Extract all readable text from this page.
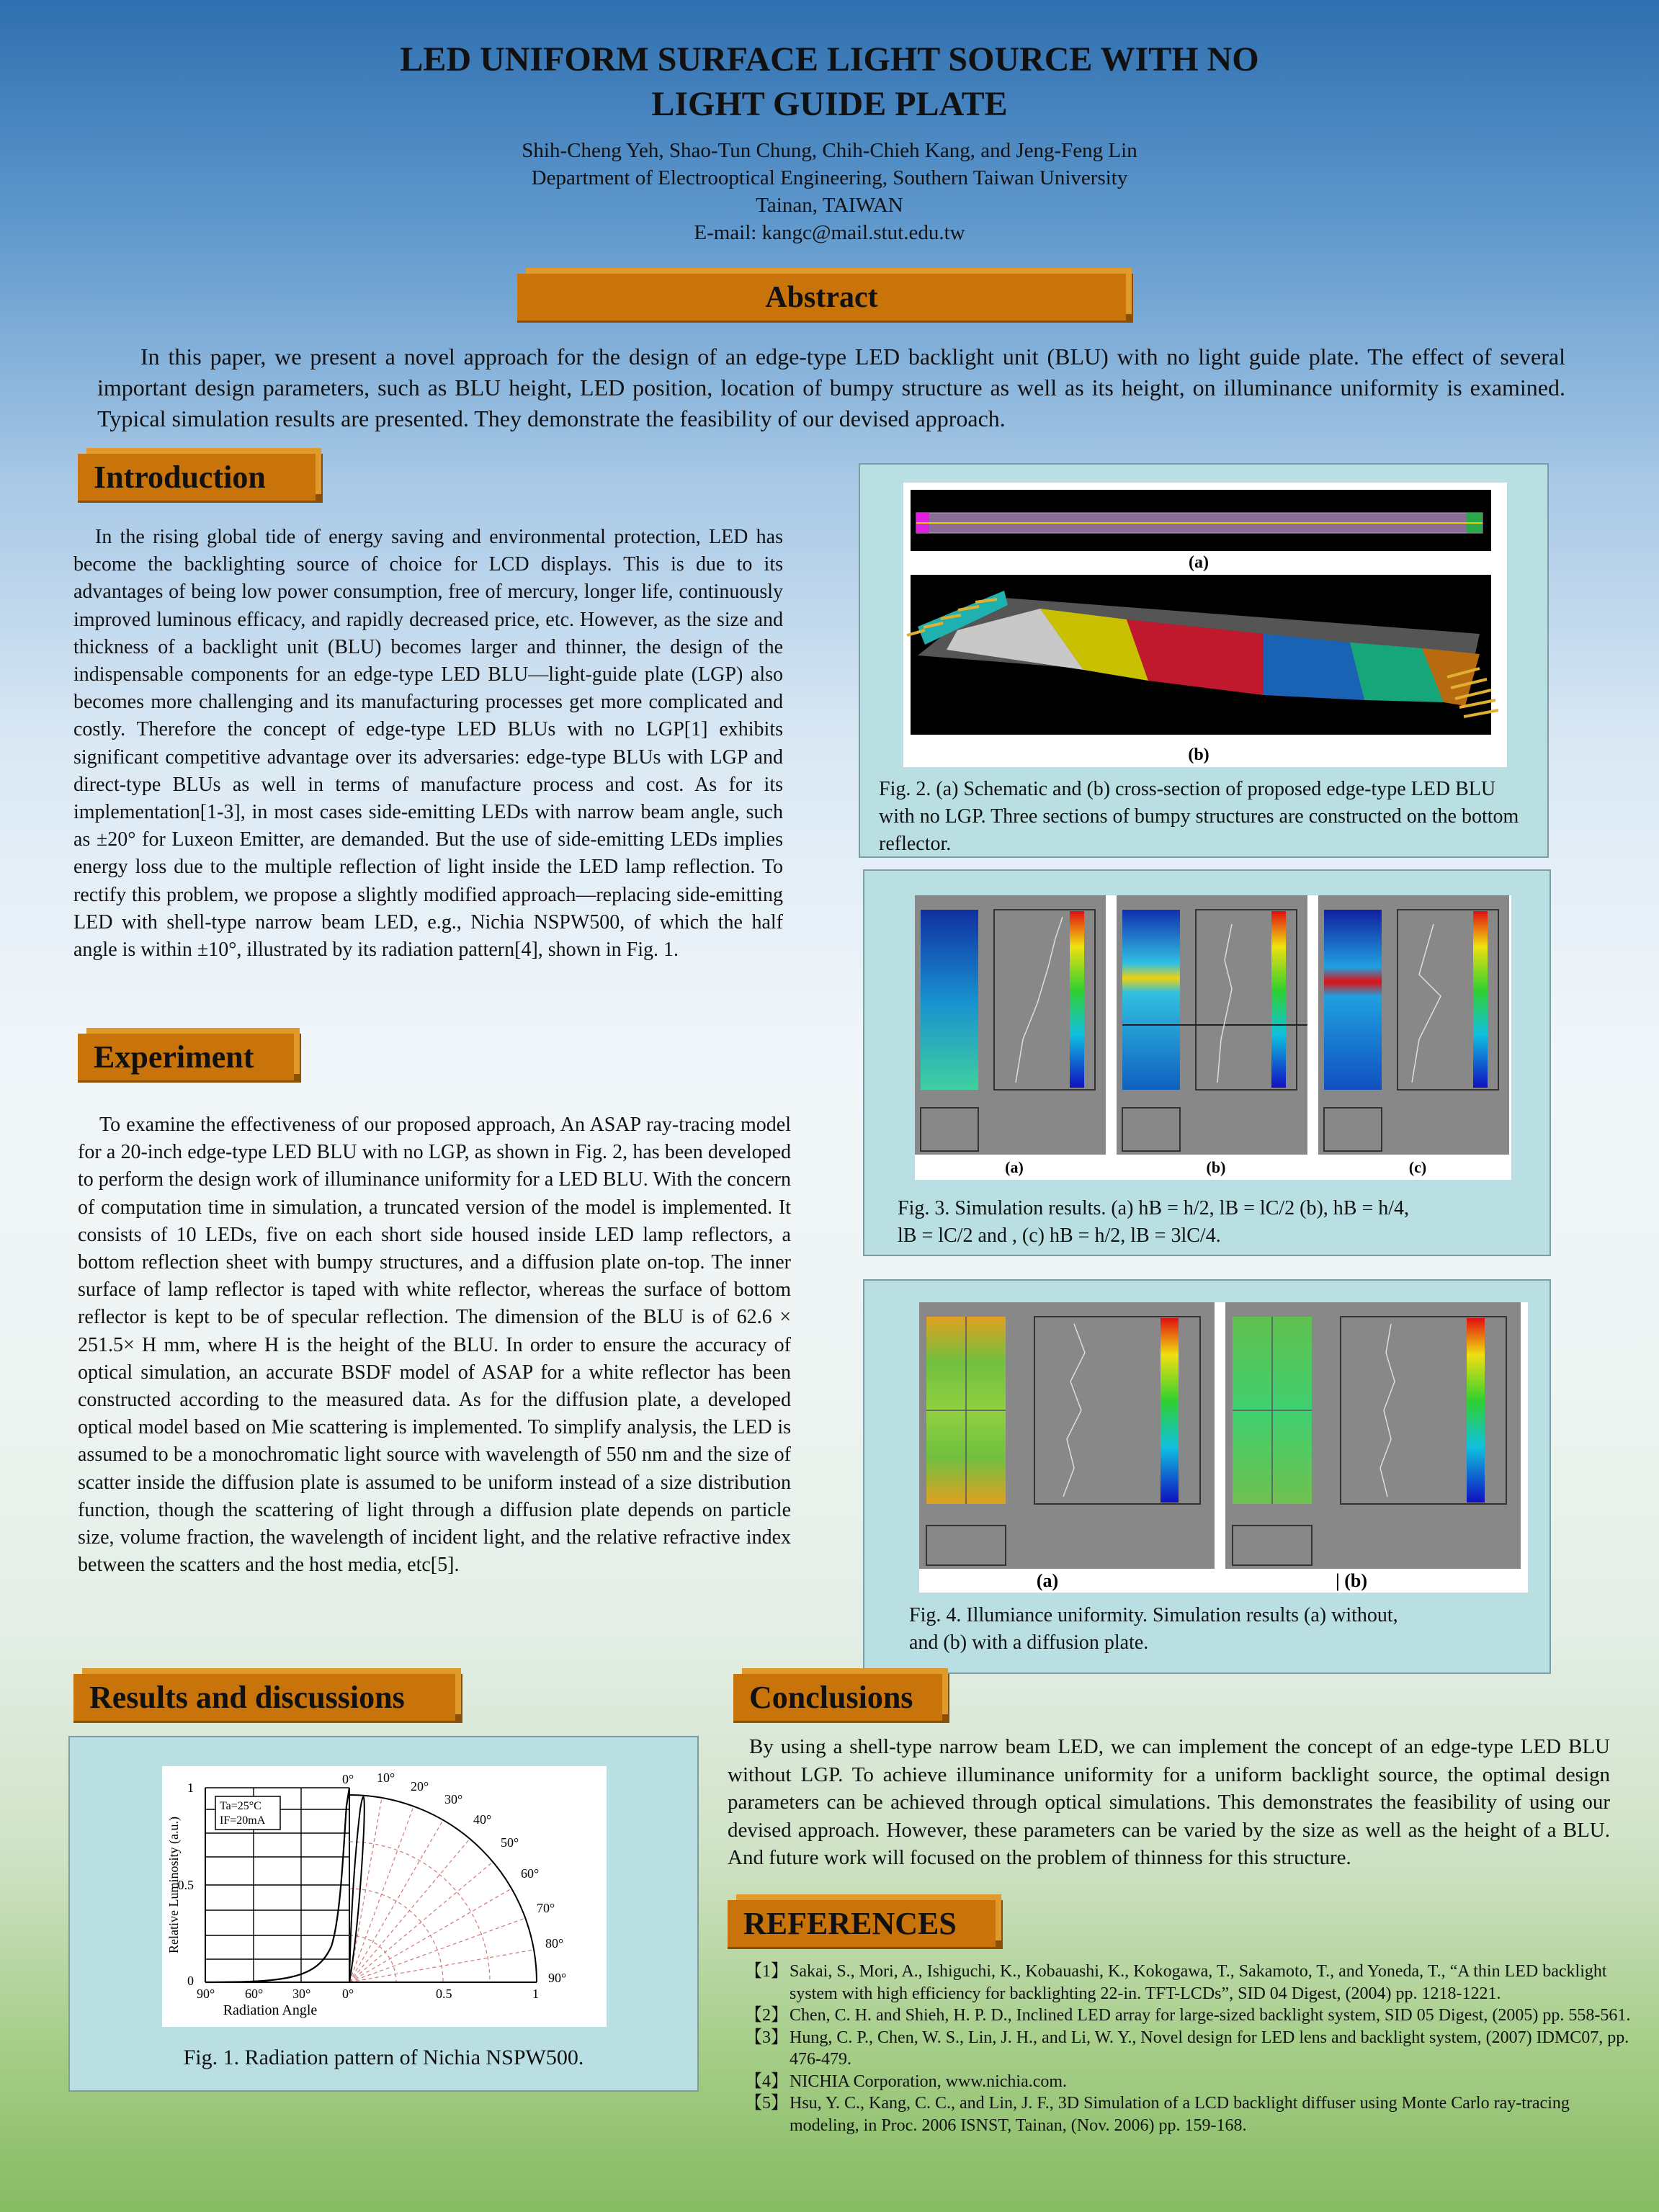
LED UNIFORM SURFACE LIGHT SOURCE WITH NO
LIGHT GUIDE PLATE
Shih-Cheng Yeh, Shao-Tun Chung, Chih-Chieh Kang, and Jeng-Feng Lin
Department of Electrooptical Engineering, Southern Taiwan University
Tainan, TAIWAN
E-mail: kangc@mail.stut.edu.tw
Abstract

In this paper, we present a novel approach for the design of an edge-type LED backlight unit (BLU) with no light guide plate. The effect of several important design parameters, such as BLU height, LED position, location of bumpy structure as well as its height, on illuminance uniformity is examined. Typical simulation results are presented. They demonstrate the feasibility of our devised approach.

Introduction

In the rising global tide of energy saving and environmental protection, LED has become the backlighting source of choice for LCD displays. This is due to its advantages of being low power consumption, free of mercury, longer life, continuously improved luminous efficacy, and rapidly decreased price, etc. However, as the size and thickness of a backlight unit (BLU) becomes larger and thinner, the design of the indispensable components for an edge-type LED BLU—light-guide plate (LGP) also becomes more challenging and its manufacturing processes get more complicated and costly. Therefore the concept of edge-type LED BLUs with no LGP[1] exhibits significant competitive advantage over its adversaries: edge-type BLUs with LGP and direct-type BLUs as well in terms of manufacture process and cost. As for its implementation[1-3], in most cases side-emitting LEDs with narrow beam angle, such as ±20° for Luxeon Emitter, are demanded. But the use of side-emitting LEDs implies energy loss due to the multiple reflection of light inside the LED lamp reflection. To rectify this problem, we propose a slightly modified approach—replacing side-emitting LED with shell-type narrow beam LED, e.g., Nichia NSPW500, of which the half angle is within ±10°, illustrated by its radiation pattern[4], shown in Fig. 1.

Experiment

To examine the effectiveness of our proposed approach, An ASAP ray-tracing model for a 20-inch edge-type LED BLU with no LGP, as shown in Fig. 2, has been developed to perform the design work of illuminance uniformity for a LED BLU. With the concern of computation time in simulation, a truncated version of the model is implemented. It consists of 10 LEDs, five on each short side housed inside LED lamp reflectors, a bottom reflection sheet with bumpy structures, and a diffusion plate on-top. The inner surface of lamp reflector is taped with white reflector, whereas the surface of bottom reflector is kept to be of specular reflection. The dimension of the BLU is of 62.6 × 251.5× H mm, where H is the height of the BLU. In order to ensure the accuracy of optical simulation, an accurate BSDF model of ASAP for a white reflector has been constructed according to the measured data. As for the diffusion plate, a developed optical model based on Mie scattering is implemented. To simplify analysis, the LED is assumed to be a monochromatic light source with wavelength of 550 nm and the size of scatter inside the diffusion plate is assumed to be uniform instead of a size distribution function, though the scattering of light through a diffusion plate depends on particle size, volume fraction, the wavelength of incident light, and the relative refractive index between the scatters and the host media, etc[5].

Results and discussions
Ta=25°C
IF=20mA
1
0.5
0
90° 60° 30° 0°	0.5	1
0° 10°
20°
30°
40°
50°
60°
70°
80°
90°
Radiation Angle
Relative Luminosity (a.u.)
Fig. 1. Radiation pattern of Nichia NSPW500.
(a)
(b)
Fig. 2. (a) Schematic and (b) cross-section of proposed edge-type LED BLU with no LGP. Three sections of bumpy structures are constructed on the bottom reflector.
(a)	(b)	(c)
Fig. 3. Simulation results. (a) hB = h/2, lB = lC/2 (b), hB = h/4,
lB = lC/2 and , (c) hB = h/2, lB = 3lC/4.
(a)	| (b)
Fig. 4. Illumiance uniformity. Simulation results (a) without,
and (b) with a diffusion plate.
Conclusions

By using a shell-type narrow beam LED, we can implement the concept of an edge-type LED BLU without LGP. To achieve illuminance uniformity for a uniform backlight source, the optimal design parameters can be achieved through optical simulations. This demonstrates the feasibility of using our devised approach. However, these parameters can be varied by the size as well as the height of a BLU. And future work will focused on the problem of thinness for this structure.

REFERENCES
【1】 Sakai, S., Mori, A., Ishiguchi, K., Kobauashi, K., Kokogawa, T., Sakamoto, T., and Yoneda, T., “A thin LED backlight system with high efficiency for backlighting 22-in. TFT-LCDs”, SID 04 Digest, (2004) pp. 1218-1221.
【2】 Chen, C. H. and Shieh, H. P. D., Inclined LED array for large-sized backlight system, SID 05 Digest, (2005) pp. 558-561.
【3】 Hung, C. P., Chen, W. S., Lin, J. H., and Li, W. Y., Novel design for LED lens and backlight system, (2007) IDMC07, pp. 476-479.
【4】 NICHIA Corporation, www.nichia.com.
【5】 Hsu, Y. C., Kang, C. C., and Lin, J. F., 3D Simulation of a LCD backlight diffuser using Monte Carlo ray-tracing modeling, in Proc. 2006 ISNST, Tainan, (Nov. 2006) pp. 159-168.
